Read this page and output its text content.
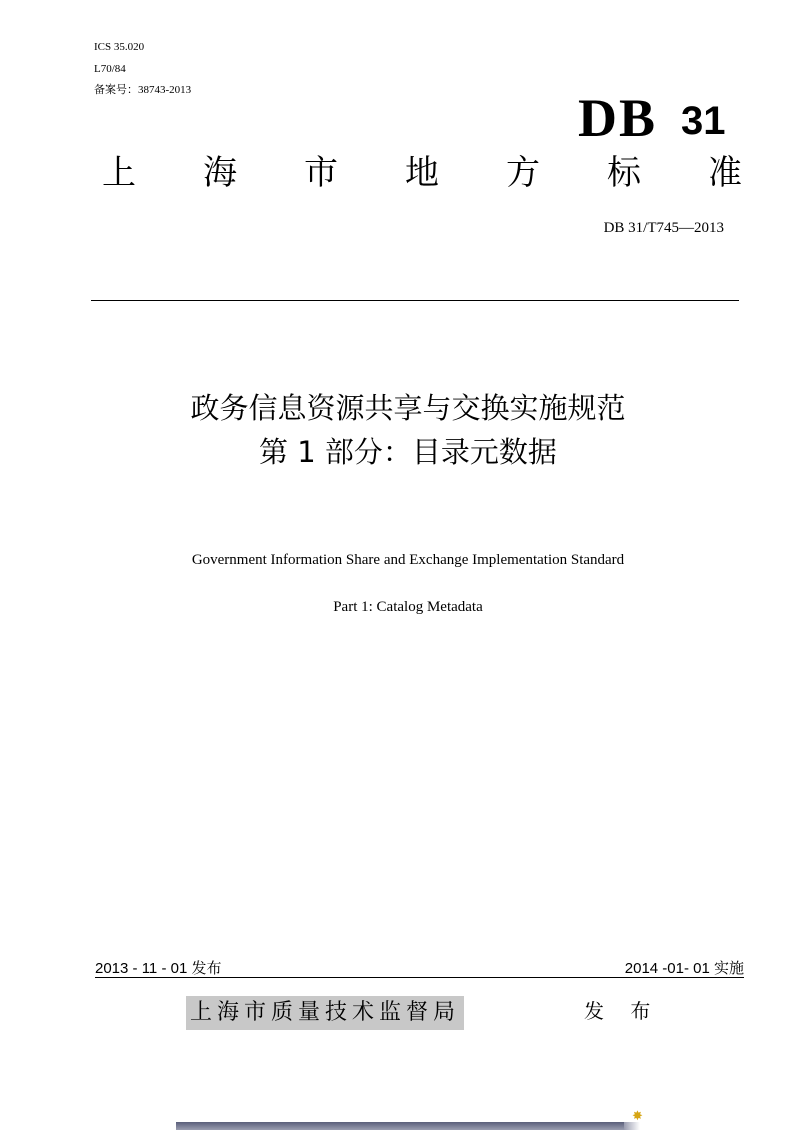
ICS 35.020
L70/84
备案号：38743-2013	DB 31
上 海 市 地 方 标 准
DB 31/T745—2013
政务信息资源共享与交换实施规范
第 1 部分：目录元数据
Government Information Share and Exchange Implementation Standard
Part 1: Catalog Metadata
2013 - 11 - 01 发布	2014 -01- 01 实施
上海市质量技术监督局	发 布
✸
